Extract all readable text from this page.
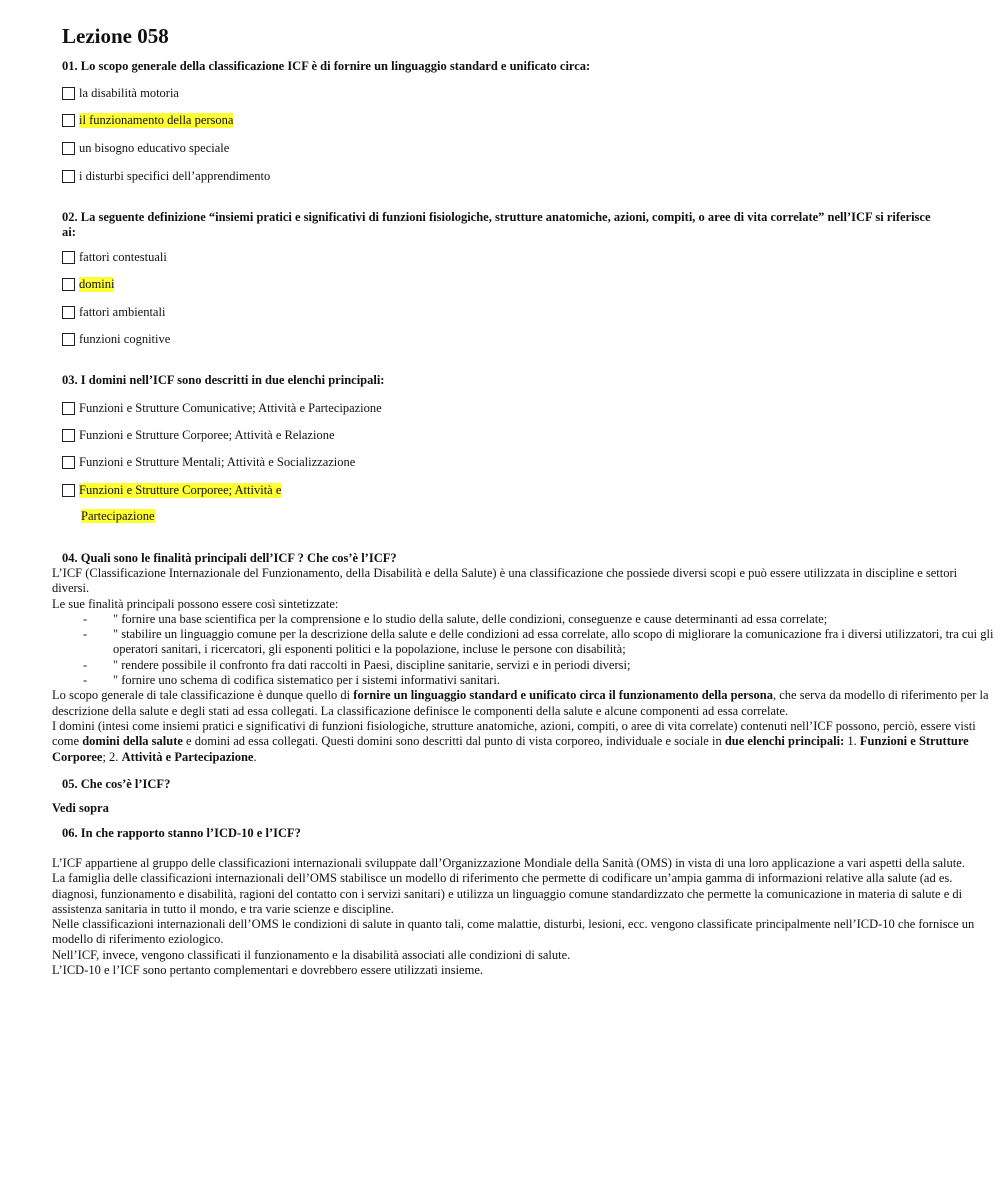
Lezione 058
01. Lo scopo generale della classificazione ICF è di fornire un linguaggio standard e unificato circa:
la disabilità motoria
il funzionamento della persona
un bisogno educativo speciale
i disturbi specifici dell’apprendimento
02. La seguente definizione “insiemi pratici e significativi di funzioni fisiologiche, strutture anatomiche, azioni, compiti, o aree di vita correlate” nell’ICF si riferisce ai:
fattori contestuali
domini
fattori ambientali
funzioni cognitive
03. I domini nell’ICF sono descritti in due elenchi principali:
Funzioni e Strutture Comunicative; Attività e Partecipazione
Funzioni e Strutture Corporee; Attività e Relazione
Funzioni e Strutture Mentali; Attività e Socializzazione
Funzioni e Strutture Corporee; Attività e
Partecipazione
04. Quali sono le finalità principali dell’ICF ? Che cos’è l’ICF?

L’ICF (Classificazione Internazionale del Funzionamento, della Disabilità e della Salute) è una classificazione che possiede diversi scopi e può essere utilizzata in discipline e settori diversi.

Le sue finalità principali possono essere così sintetizzate:

- " fornire una base scientifica per la comprensione e lo studio della salute, delle condizioni, conseguenze e cause determinanti ad essa correlate;
- " stabilire un linguaggio comune per la descrizione della salute e delle condizioni ad essa correlate, allo scopo di migliorare la comunicazione fra i diversi utilizzatori, tra cui gli operatori sanitari, i ricercatori, gli esponenti politici e la popolazione, incluse le persone con disabilità;
- " rendere possibile il confronto fra dati raccolti in Paesi, discipline sanitarie, servizi e in periodi diversi;
- " fornire uno schema di codifica sistematico per i sistemi informativi sanitari.

Lo scopo generale di tale classificazione è dunque quello di fornire un linguaggio standard e unificato circa il funzionamento della persona, che serva da modello di riferimento per la descrizione della salute e degli stati ad essa collegati. La classificazione definisce le componenti della salute e alcune componenti ad essa correlate.

I domini (intesi come insiemi pratici e significativi di funzioni fisiologiche, strutture anatomiche, azioni, compiti, o aree di vita correlate) contenuti nell’ICF possono, perciò, essere visti come domini della salute e domini ad essa collegati. Questi domini sono descritti dal punto di vista corporeo, individuale e sociale in due elenchi principali: 1. Funzioni e Strutture Corporee; 2. Attività e Partecipazione.

05. Che cos’è l’ICF?
Vedi sopra
06. In che rapporto stanno l’ICD-10 e l’ICF?

L’ICF appartiene al gruppo delle classificazioni internazionali sviluppate dall’Organizzazione Mondiale della Sanità (OMS) in vista di una loro applicazione a vari aspetti della salute.

La famiglia delle classificazioni internazionali dell’OMS stabilisce un modello di riferimento che permette di codificare un’ampia gamma di informazioni relative alla salute (ad es. diagnosi, funzionamento e disabilità, ragioni del contatto con i servizi sanitari) e utilizza un linguaggio comune standardizzato che permette la comunicazione in materia di salute e di assistenza sanitaria in tutto il mondo, e tra varie scienze e discipline.

Nelle classificazioni internazionali dell’OMS le condizioni di salute in quanto tali, come malattie, disturbi, lesioni, ecc. vengono classificate principalmente nell’ICD-10 che fornisce un modello di riferimento eziologico.

Nell’ICF, invece, vengono classificati il funzionamento e la disabilità associati alle condizioni di salute.

L’ICD-10 e l’ICF sono pertanto complementari e dovrebbero essere utilizzati insieme.
